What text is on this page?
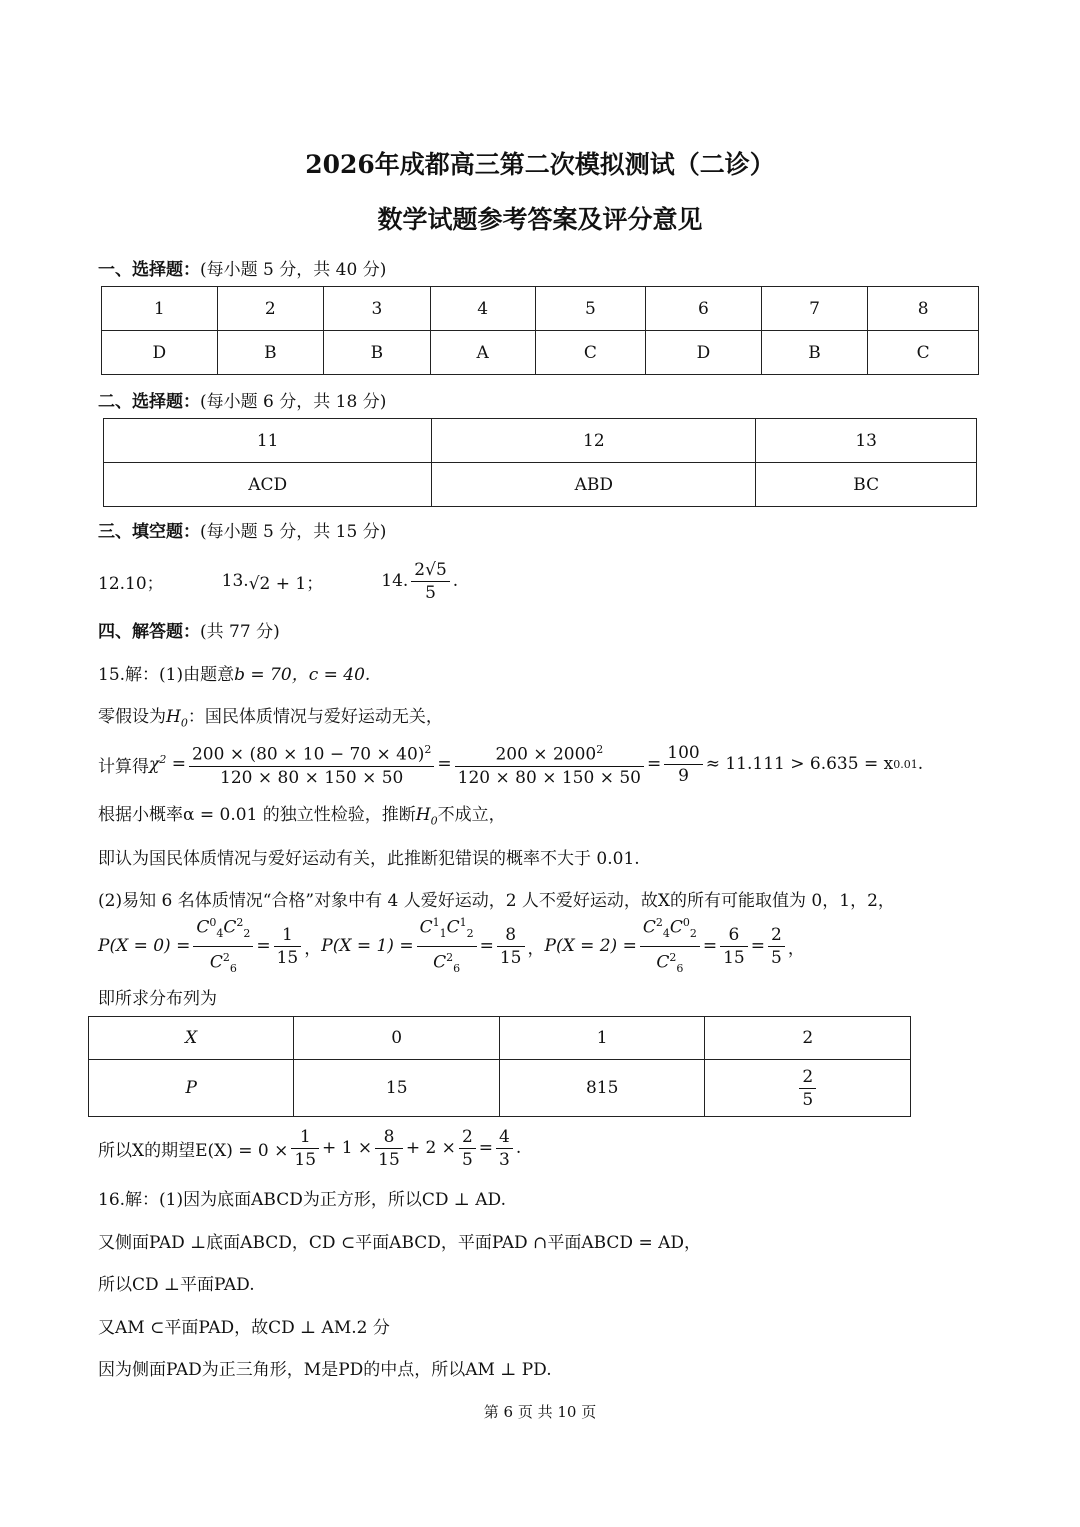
2026年成都高三第二次模拟测试（二诊）
数学试题参考答案及评分意见
一、选择题：(每小题 5 分，共 40 分)
1	2	3	4	5	6	7	8
D	B	B	A	C	D	B	C
二、选择题：(每小题 6 分，共 18 分)
11	12	13
ACD	ABD	BC
三、填空题：(每小题 5 分，共 15 分)
12.10；	13. √2 + 1；	14. $\frac{2√5}{5}$ .
四、解答题：(共 77 分)
15.解：(1)由题意b = 70，c = 40.
零假设为$H_0$：国民体质情况与爱好运动无关，
计算得 $\chi^2 = \frac{200 \times (80 \times 10 - 70 \times 40)^2}{120 \times 80 \times 150 \times 50} = \frac{200 \times 2000^2}{120 \times 80 \times 150 \times 50} = \frac{100}{9} \approx 11.111 > 6.635 = x$ 0.01 .
根据小概率α = 0.01 的独立性检验，推断$H_0$不成立，
即认为国民体质情况与爱好运动有关，此推断犯错误的概率不大于 0.01.
(2)易知 6 名体质情况“合格”对象中有 4 人爱好运动，2 人不爱好运动，故X的所有可能取值为 0，1，2，
$P(X = 0) = \frac{C^0_4C^2_2}{C^2_6} = \frac{1}{15}$ ， $P(X = 1) = \frac{C^1_1C^1_2}{C^2_6} = \frac{8}{15}$ ， $P(X = 2) = \frac{C^2_4C^0_2}{C^2_6} = \frac{6}{15} = \frac{2}{5}$ ，
即所求分布列为
X	0	1	2
P	15	815	$\frac{2}{5}$
所以X的期望$E(X) = 0 \times \frac{1}{15} + 1 \times \frac{8}{15} + 2 \times \frac{2}{5} = \frac{4}{3}$ .
16.解：(1)因为底面ABCD为正方形，所以CD ⊥ AD.
又侧面PAD ⊥底面ABCD，CD ⊂平面ABCD，平面PAD ∩平面ABCD = AD，
所以CD ⊥平面PAD.
又AM ⊂平面PAD，故CD ⊥ AM.2 分
因为侧面PAD为正三角形，M是PD的中点，所以AM ⊥ PD.
第 6 页 共 10 页
